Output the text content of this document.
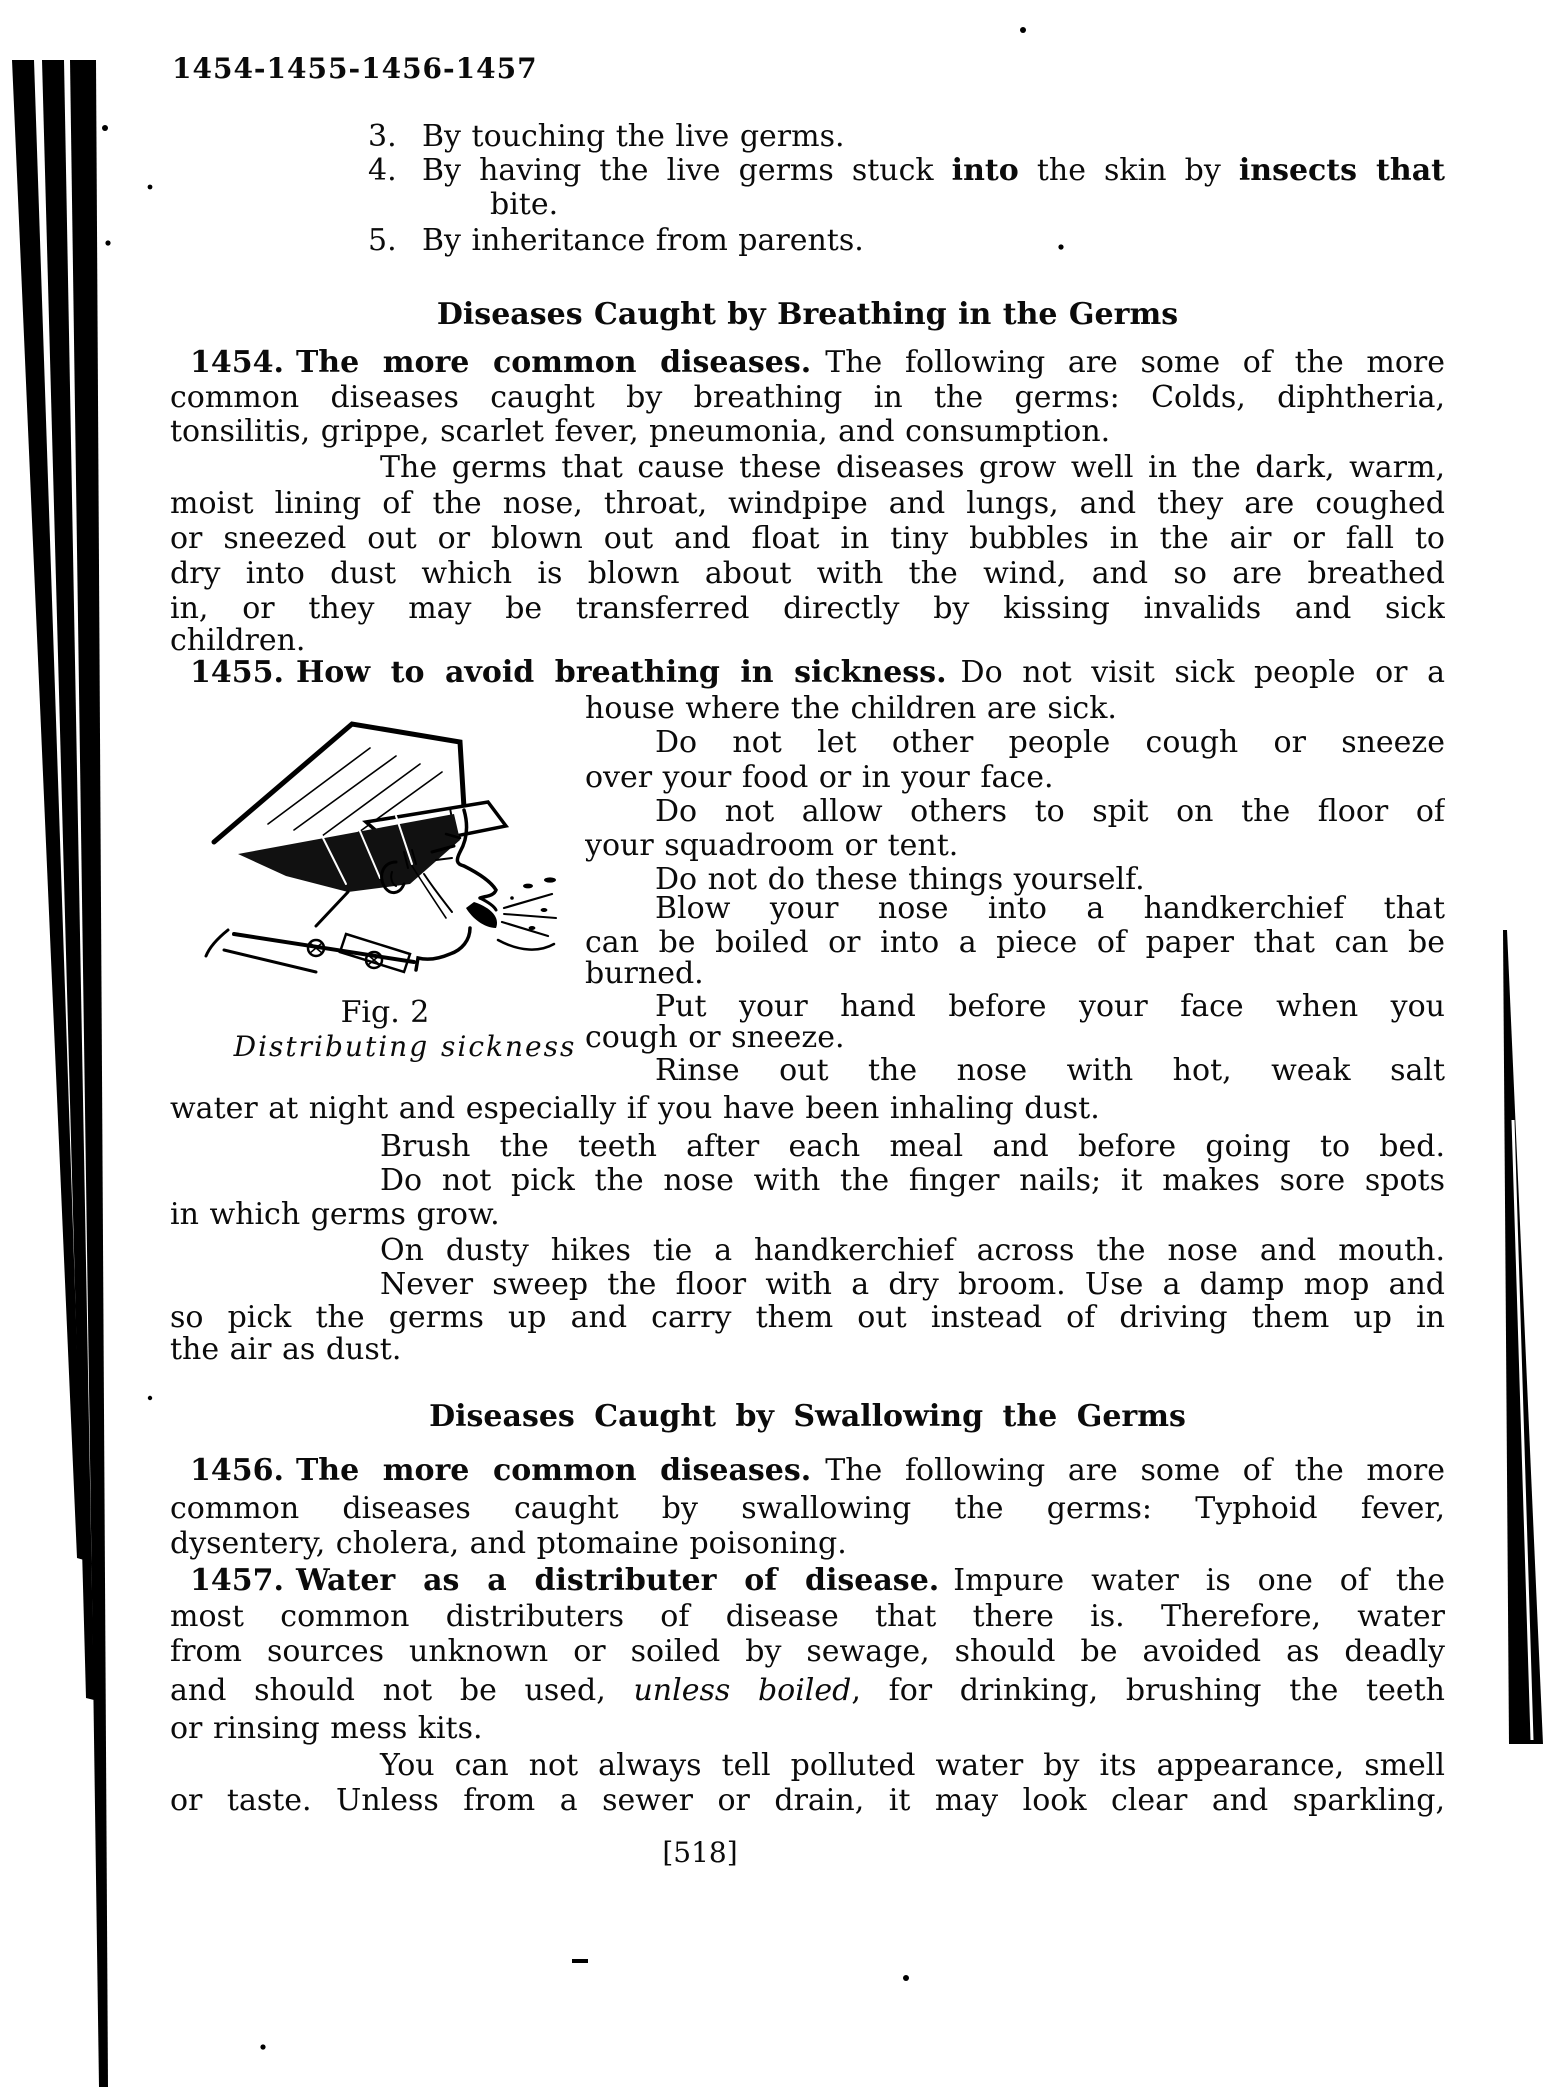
1454-1455-1456-1457
3. By touching the live germs.
4. By having the live germs stuck into the skin by insects that
bite.
5. By inheritance from parents.
Diseases Caught by Breathing in the Germs
1454. The more common diseases. The following are some of the more
common diseases caught by breathing in the germs: Colds, diphtheria,
tonsilitis, grippe, scarlet fever, pneumonia, and consumption.
The germs that cause these diseases grow well in the dark, warm,
moist lining of the nose, throat, windpipe and lungs, and they are coughed
or sneezed out or blown out and float in tiny bubbles in the air or fall to
dry into dust which is blown about with the wind, and so are breathed
in, or they may be transferred directly by kissing invalids and sick
children.
1455. How to avoid breathing in sickness. Do not visit sick people or a
house where the children are sick.
Do not let other people cough or sneeze
over your food or in your face.
Do not allow others to spit on the floor of
your squadroom or tent.
Do not do these things yourself.
Blow your nose into a handkerchief that
can be boiled or into a piece of paper that can be
burned.
Put your hand before your face when you
cough or sneeze.
Rinse out the nose with hot, weak salt
Fig. 2
Distributing sickness
water at night and especially if you have been inhaling dust.
Brush the teeth after each meal and before going to bed.
Do not pick the nose with the finger nails; it makes sore spots
in which germs grow.
On dusty hikes tie a handkerchief across the nose and mouth.
Never sweep the floor with a dry broom. Use a damp mop and
so pick the germs up and carry them out instead of driving them up in
the air as dust.
Diseases Caught by Swallowing the Germs
1456. The more common diseases. The following are some of the more
common diseases caught by swallowing the germs: Typhoid fever,
dysentery, cholera, and ptomaine poisoning.
1457. Water as a distributer of disease. Impure water is one of the
most common distributers of disease that there is. Therefore, water
from sources unknown or soiled by sewage, should be avoided as deadly
and should not be used, unless boiled, for drinking, brushing the teeth
or rinsing mess kits.
You can not always tell polluted water by its appearance, smell
or taste. Unless from a sewer or drain, it may look clear and sparkling,
[518]
